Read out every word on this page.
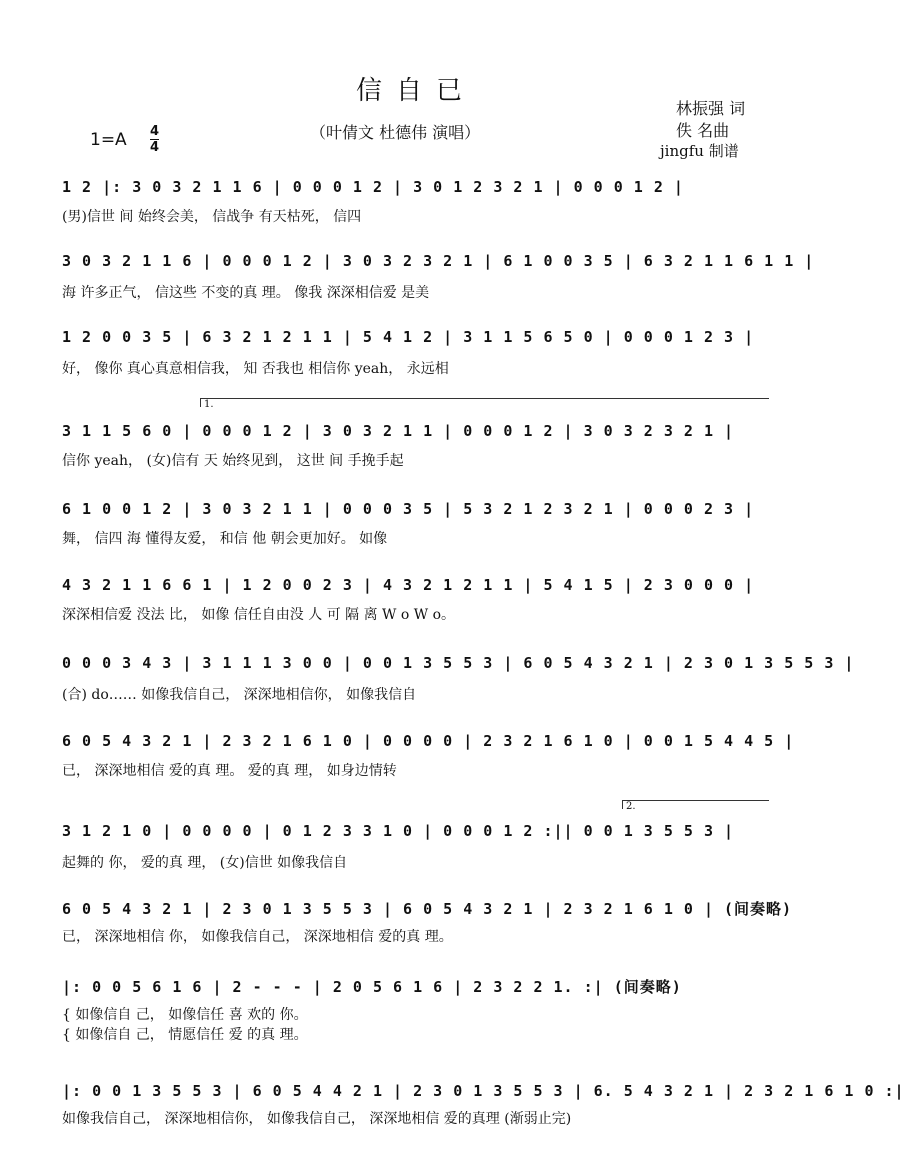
信自已
（叶倩文 杜德伟 演唱）
林振强 词
佚 名曲
jingfu 制谱
1=A 4
4
1 2 |: 3 0 3 2 1 1 6 | 0 0 0 1 2 | 3 0 1 2 3 2 1 | 0 0 0 1 2 |
(男)信世 间 始终会美， 信战争 有天枯死， 信四
3 0 3 2 1 1 6 | 0 0 0 1 2 | 3 0 3 2 3 2 1 | 6 1 0 0 3 5 | 6 3 2 1 1 6 1 1 |
海 许多正气， 信这些 不变的真 理。 像我 深深相信爱 是美
1 2 0 0 3 5 | 6 3 2 1 2 1 1 | 5 4 1 2 | 3 1 1 5 6 5 0 | 0 0 0 1 2 3 |
好， 像你 真心真意相信我， 知 否我也 相信你 yeah， 永远相
1.
3 1 1 5 6 0 | 0 0 0 1 2 | 3 0 3 2 1 1 | 0 0 0 1 2 | 3 0 3 2 3 2 1 |
信你 yeah， (女)信有 天 始终见到， 这世 间 手挽手起
6 1 0 0 1 2 | 3 0 3 2 1 1 | 0 0 0 3 5 | 5 3 2 1 2 3 2 1 | 0 0 0 2 3 |
舞， 信四 海 懂得友爱， 和信 他 朝会更加好。 如像
4 3 2 1 1 6 6 1 | 1 2 0 0 2 3 | 4 3 2 1 2 1 1 | 5 4 1 5 | 2 3 0 0 0 |
深深相信爱 没法 比， 如像 信任自由没 人 可 隔 离 W o W o。
0 0 0 3 4 3 | 3 1 1 1 3 0 0 | 0 0 1 3 5 5 3 | 6 0 5 4 3 2 1 | 2 3 0 1 3 5 5 3 |
(合) do…… 如像我信自己， 深深地相信你， 如像我信自
6 0 5 4 3 2 1 | 2 3 2 1 6 1 0 | 0 0 0 0 | 2 3 2 1 6 1 0 | 0 0 1 5 4 4 5 |
已， 深深地相信 爱的真 理。 爱的真 理， 如身边情转
2.
3 1 2 1 0 | 0 0 0 0 | 0 1 2 3 3 1 0 | 0 0 0 1 2 :|| 0 0 1 3 5 5 3 |
起舞的 你， 爱的真 理， (女)信世 如像我信自
6 0 5 4 3 2 1 | 2 3 0 1 3 5 5 3 | 6 0 5 4 3 2 1 | 2 3 2 1 6 1 0 | (间奏略)
已， 深深地相信 你， 如像我信自己， 深深地相信 爱的真 理。
|: 0 0 5 6 1 6 | 2 - - - | 2 0 5 6 1 6 | 2 3 2 2 1. :| (间奏略)
{ 如像信自 己， 如像信任 喜 欢的 你。
{ 如像信自 己， 情愿信任 爱 的真 理。
|: 0 0 1 3 5 5 3 | 6 0 5 4 4 2 1 | 2 3 0 1 3 5 5 3 | 6. 5 4 3 2 1 | 2 3 2 1 6 1 0 :|
如像我信自己， 深深地相信你， 如像我信自己， 深深地相信 爱的真理 (渐弱止完)
